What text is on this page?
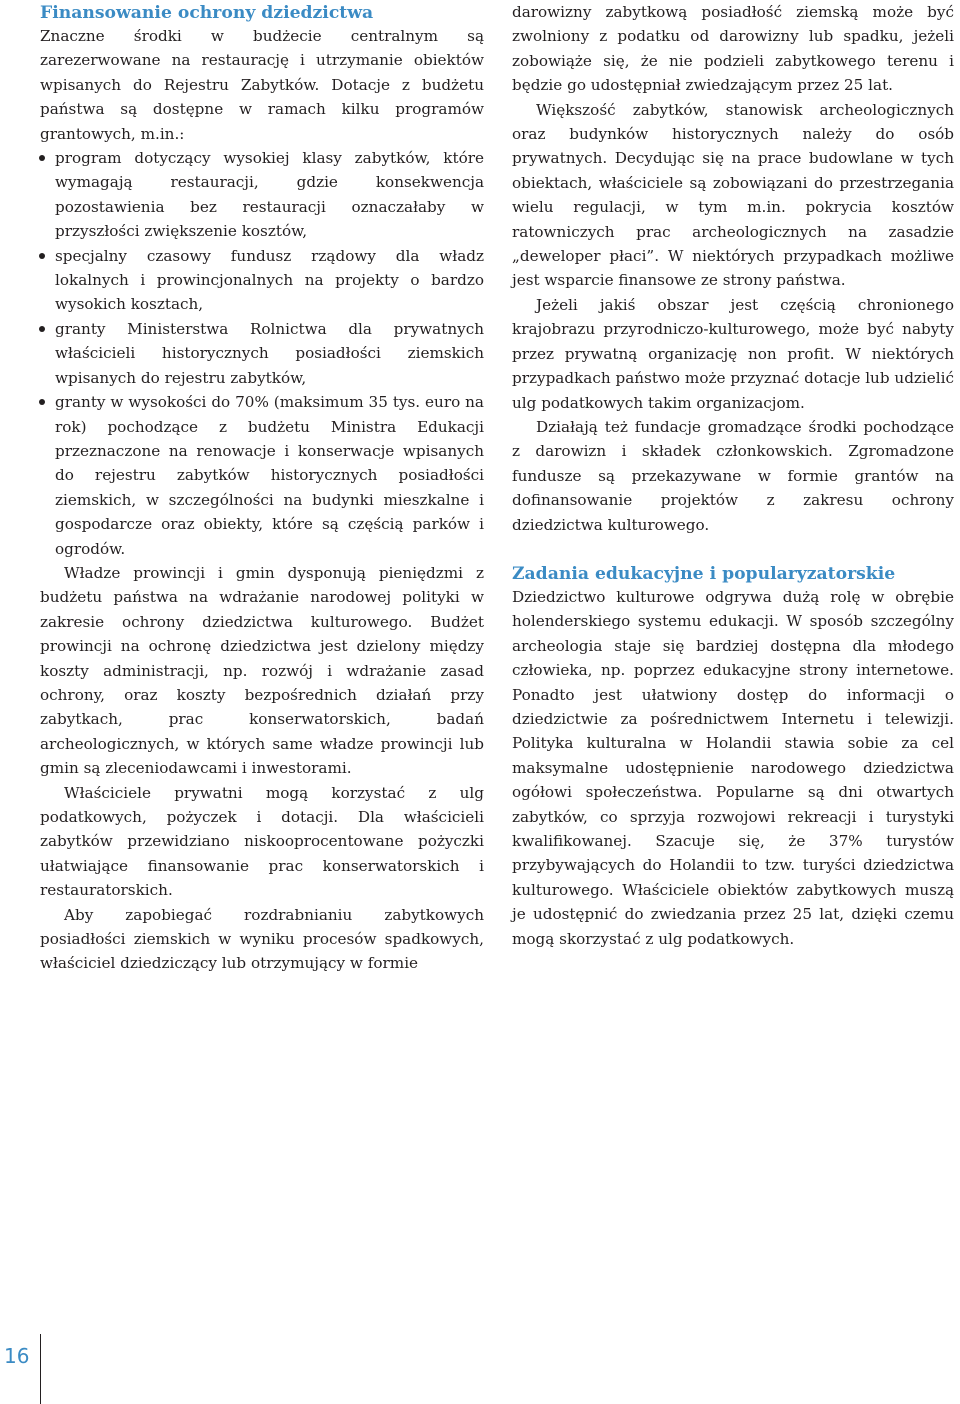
Finansowanie ochrony dziedzictwa

Znaczne środki w budżecie centralnym są zarezerwowane na restaurację i utrzymanie obiektów wpisanych do Rejestru Zabytków. Dotacje z budżetu państwa są dostępne w ramach kilku programów grantowych, m.in.:

program dotyczący wysokiej klasy zabytków, które wymagają restauracji, gdzie konsekwencja pozostawienia bez restauracji oznaczałaby w przyszłości zwiększenie kosztów,
specjalny czasowy fundusz rządowy dla władz lokalnych i prowincjonalnych na projekty o bardzo wysokich kosztach,
granty Ministerstwa Rolnictwa dla prywatnych właścicieli historycznych posiadłości ziemskich wpisanych do rejestru zabytków,
granty w wysokości do 70% (maksimum 35 tys. euro na rok) pochodzące z budżetu Ministra Edukacji przeznaczone na renowacje i konserwacje wpisanych do rejestru zabytków historycznych posiadłości ziemskich, w szczególności na budynki mieszkalne i gospodarcze oraz obiekty, które są częścią parków i ogrodów.

Władze prowincji i gmin dysponują pieniędzmi z budżetu państwa na wdrażanie narodowej polityki w zakresie ochrony dziedzictwa kulturowego. Budżet prowincji na ochronę dziedzictwa jest dzielony między koszty administracji, np. rozwój i wdrażanie zasad ochrony, oraz koszty bezpośrednich działań przy zabytkach, prac konserwatorskich, badań archeologicznych, w których same władze prowincji lub gmin są zleceniodawcami i inwestorami.

Właściciele prywatni mogą korzystać z ulg podatkowych, pożyczek i dotacji. Dla właścicieli zabytków przewidziano niskooprocentowane pożyczki ułatwiające finansowanie prac konserwatorskich i restauratorskich.

Aby zapobiegać rozdrabnianiu zabytkowych posiadłości ziemskich w wyniku procesów spadkowych, właściciel dziedziczący lub otrzymujący w formie

darowizny zabytkową posiadłość ziemską może być zwolniony z podatku od darowizny lub spadku, jeżeli zobowiąże się, że nie podzieli zabytkowego terenu i będzie go udostępniał zwiedzającym przez 25 lat.

Większość zabytków, stanowisk archeologicznych oraz budynków historycznych należy do osób prywatnych. Decydując się na prace budowlane w tych obiektach, właściciele są zobowiązani do przestrzegania wielu regulacji, w tym m.in. pokrycia kosztów ratowniczych prac archeologicznych na zasadzie „deweloper płaci”. W niektórych przypadkach możliwe jest wsparcie finansowe ze strony państwa.

Jeżeli jakiś obszar jest częścią chronionego krajobrazu przyrodniczo-kulturowego, może być nabyty przez prywatną organizację non profit. W niektórych przypadkach państwo może przyznać dotacje lub udzielić ulg podatkowych takim organizacjom.

Działają też fundacje gromadzące środki pochodzące z darowizn i składek członkowskich. Zgromadzone fundusze są przekazywane w formie grantów na dofinansowanie projektów z zakresu ochrony dziedzictwa kulturowego.

Zadania edukacyjne i popularyzatorskie

Dziedzictwo kulturowe odgrywa dużą rolę w obrębie holenderskiego systemu edukacji. W sposób szczególny archeologia staje się bardziej dostępna dla młodego człowieka, np. poprzez edukacyjne strony internetowe. Ponadto jest ułatwiony dostęp do informacji o dziedzictwie za pośrednictwem Internetu i telewizji. Polityka kulturalna w Holandii stawia sobie za cel maksymalne udostępnienie narodowego dziedzictwa ogółowi społeczeństwa. Popularne są dni otwartych zabytków, co sprzyja rozwojowi rekreacji i turystyki kwalifikowanej. Szacuje się, że 37% turystów przybywających do Holandii to tzw. turyści dziedzictwa kulturowego. Właściciele obiektów zabytkowych muszą je udostępnić do zwiedzania przez 25 lat, dzięki czemu mogą skorzystać z ulg podatkowych.

16
